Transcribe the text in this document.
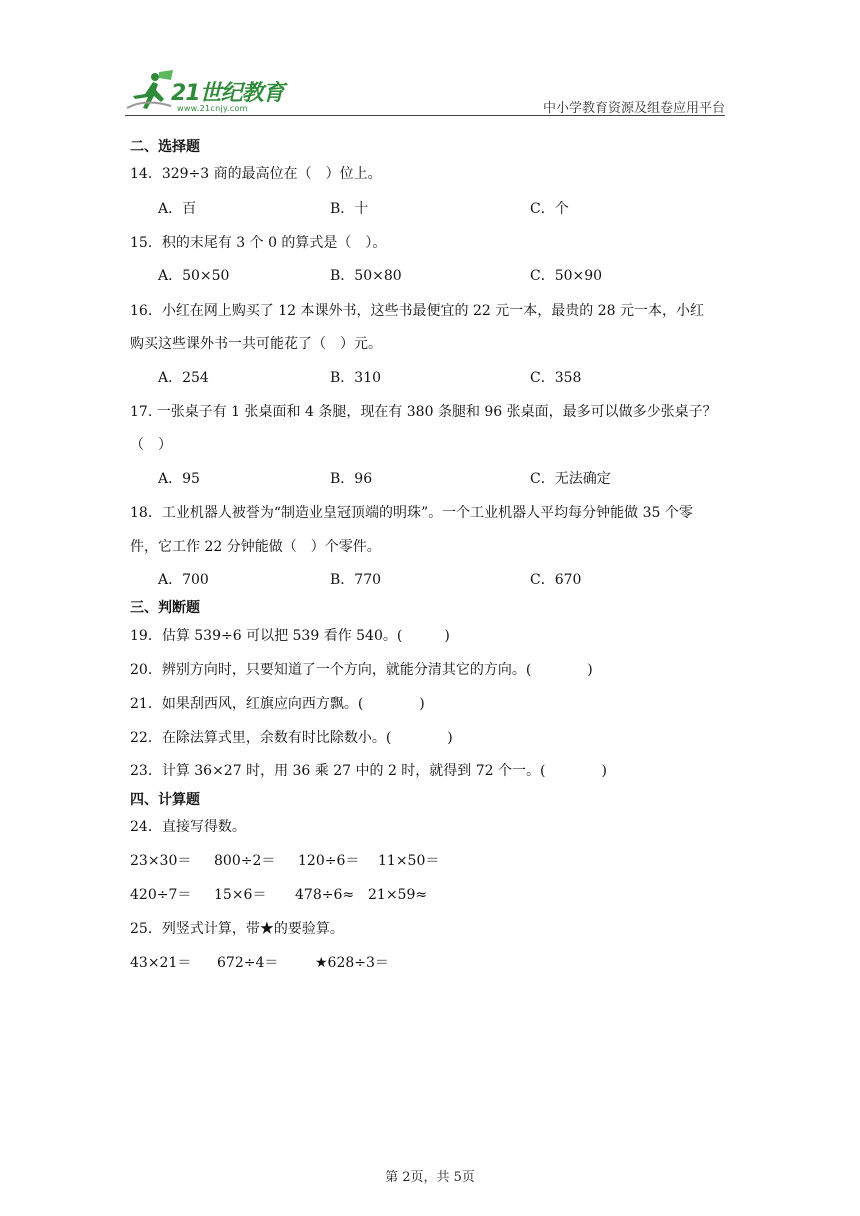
21世纪教育
www.21cnjy.com	中小学教育资源及组卷应用平台
二、选择题
14．329÷3 商的最高位在（　）位上。
A．百	B．十	C．个
15．积的末尾有 3 个 0 的算式是（　）。
A．50×50	B．50×80	C．50×90
16．小红在网上购买了 12 本课外书，这些书最便宜的 22 元一本，最贵的 28 元一本，小红
购买这些课外书一共可能花了（　）元。
A．254	B．310	C．358
17. 一张桌子有 1 张桌面和 4 条腿，现在有 380 条腿和 96 张桌面，最多可以做多少张桌子？
（　）
A．95	B．96	C．无法确定
18．工业机器人被誉为“制造业皇冠顶端的明珠”。一个工业机器人平均每分钟能做 35 个零
件，它工作 22 分钟能做（　）个零件。
A．700	B．770	C．670
三、判断题
19．估算 539÷6 可以把 539 看作 540。(　　　)
20．辨别方向时，只要知道了一个方向，就能分清其它的方向。(　　　　)
21．如果刮西风，红旗应向西方飘。(　　　　)
22．在除法算式里，余数有时比除数小。(　　　　)
23．计算 36×27 时，用 36 乘 27 中的 2 时，就得到 72 个一。(　　　　)
四、计算题
24．直接写得数。
23×30＝ 800÷2＝ 120÷6＝ 11×50＝
420÷7＝ 15×6＝ 478÷6≈ 21×59≈
25．列竖式计算，带★的要验算。
43×21＝ 672÷4＝	★628÷3＝
第 2页，共 5页
